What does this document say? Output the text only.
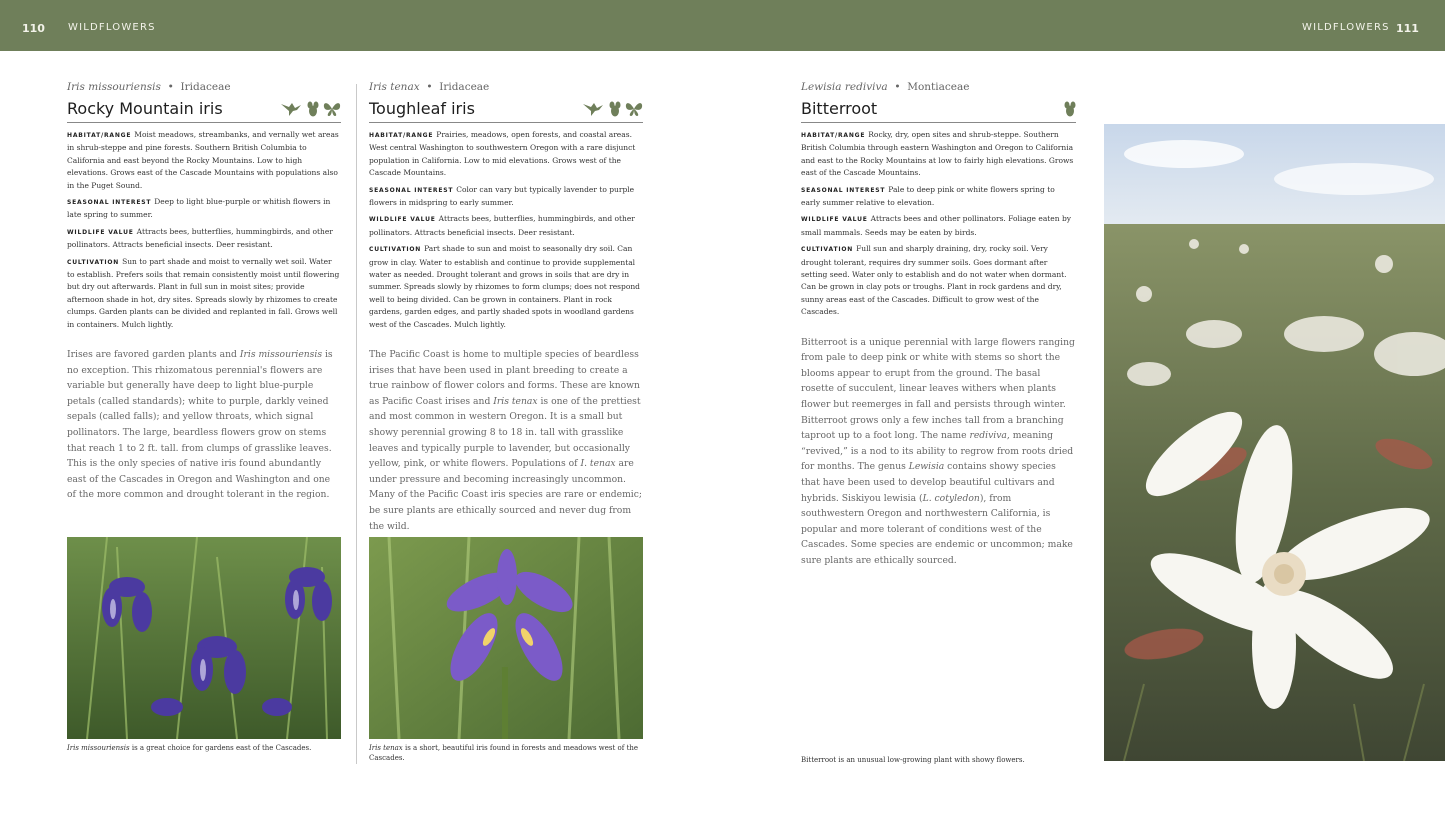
110 WILDFLOWERS	WILDFLOWERS 111
Iris missouriensis  •  Iridaceae
Rocky Mountain iris

HABITAT/RANGE Moist meadows, streambanks, and vernally wet areas in shrub-steppe and pine forests. Southern British Columbia to California and east beyond the Rocky Mountains. Low to high elevations. Grows east of the Cascade Mountains with populations also in the Puget Sound.

SEASONAL INTEREST Deep to light blue-purple or whitish flowers in late spring to summer.

WILDLIFE VALUE Attracts bees, butterflies, hummingbirds, and other pollinators. Attracts beneficial insects. Deer resistant.

CULTIVATION Sun to part shade and moist to vernally wet soil. Water to establish. Prefers soils that remain consistently moist until flowering but dry out afterwards. Plant in full sun in moist sites; provide afternoon shade in hot, dry sites. Spreads slowly by rhizomes to create clumps. Garden plants can be divided and replanted in fall. Grows well in containers. Mulch lightly.

Irises are favored garden plants and Iris missouriensis is no exception. This rhizomatous perennial's flowers are variable but generally have deep to light blue-purple petals (called standards); white to purple, darkly veined sepals (called falls); and yellow throats, which signal pollinators. The large, beardless flowers grow on stems that reach 1 to 2 ft. tall. from clumps of grasslike leaves. This is the only species of native iris found abundantly east of the Cascades in Oregon and Washington and one of the more common and drought tolerant in the region.
Iris tenax  •  Iridaceae
Toughleaf iris

HABITAT/RANGE Prairies, meadows, open forests, and coastal areas. West central Washington to southwestern Oregon with a rare disjunct population in California. Low to mid elevations. Grows west of the Cascade Mountains.

SEASONAL INTEREST Color can vary but typically lavender to purple flowers in midspring to early summer.

WILDLIFE VALUE Attracts bees, butterflies, hummingbirds, and other pollinators. Attracts beneficial insects. Deer resistant.

CULTIVATION Part shade to sun and moist to seasonally dry soil. Can grow in clay. Water to establish and continue to provide supplemental water as needed. Drought tolerant and grows in soils that are dry in summer. Spreads slowly by rhizomes to form clumps; does not respond well to being divided. Can be grown in containers. Plant in rock gardens, garden edges, and partly shaded spots in woodland gardens west of the Cascades. Mulch lightly.

The Pacific Coast is home to multiple species of beardless irises that have been used in plant breeding to create a true rainbow of flower colors and forms. These are known as Pacific Coast irises and Iris tenax is one of the prettiest and most common in western Oregon. It is a small but showy perennial growing 8 to 18 in. tall with grasslike leaves and typically purple to lavender, but occasionally yellow, pink, or white flowers. Populations of I. tenax are under pressure and becoming increasingly uncommon. Many of the Pacific Coast iris species are rare or endemic; be sure plants are ethically sourced and never dug from the wild.
Lewisia rediviva  •  Montiaceae
Bitterroot

HABITAT/RANGE Rocky, dry, open sites and shrub-steppe. Southern British Columbia through eastern Washington and Oregon to California and east to the Rocky Mountains at low to fairly high elevations. Grows east of the Cascade Mountains.

SEASONAL INTEREST Pale to deep pink or white flowers spring to early summer relative to elevation.

WILDLIFE VALUE Attracts bees and other pollinators. Foliage eaten by small mammals. Seeds may be eaten by birds.

CULTIVATION Full sun and sharply draining, dry, rocky soil. Very drought tolerant, requires dry summer soils. Goes dormant after setting seed. Water only to establish and do not water when dormant. Can be grown in clay pots or troughs. Plant in rock gardens and dry, sunny areas east of the Cascades. Difficult to grow west of the Cascades.

Bitterroot is a unique perennial with large flowers ranging from pale to deep pink or white with stems so short the blooms appear to erupt from the ground. The basal rosette of succulent, linear leaves withers when plants flower but reemerges in fall and persists through winter. Bitterroot grows only a few inches tall from a branching taproot up to a foot long. The name rediviva, meaning “revived,” is a nod to its ability to regrow from roots dried for months. The genus Lewisia contains showy species that have been used to develop beautiful cultivars and hybrids. Siskiyou lewisia (L. cotyledon), from southwestern Oregon and northwestern California, is popular and more tolerant of conditions west of the Cascades. Some species are endemic or uncommon; make sure plants are ethically sourced.
Iris missouriensis is a great choice for gardens east of the Cascades.	Iris tenax is a short, beautiful iris found in forests and meadows west of the Cascades.	Bitterroot is an unusual low-growing plant with showy flowers.
